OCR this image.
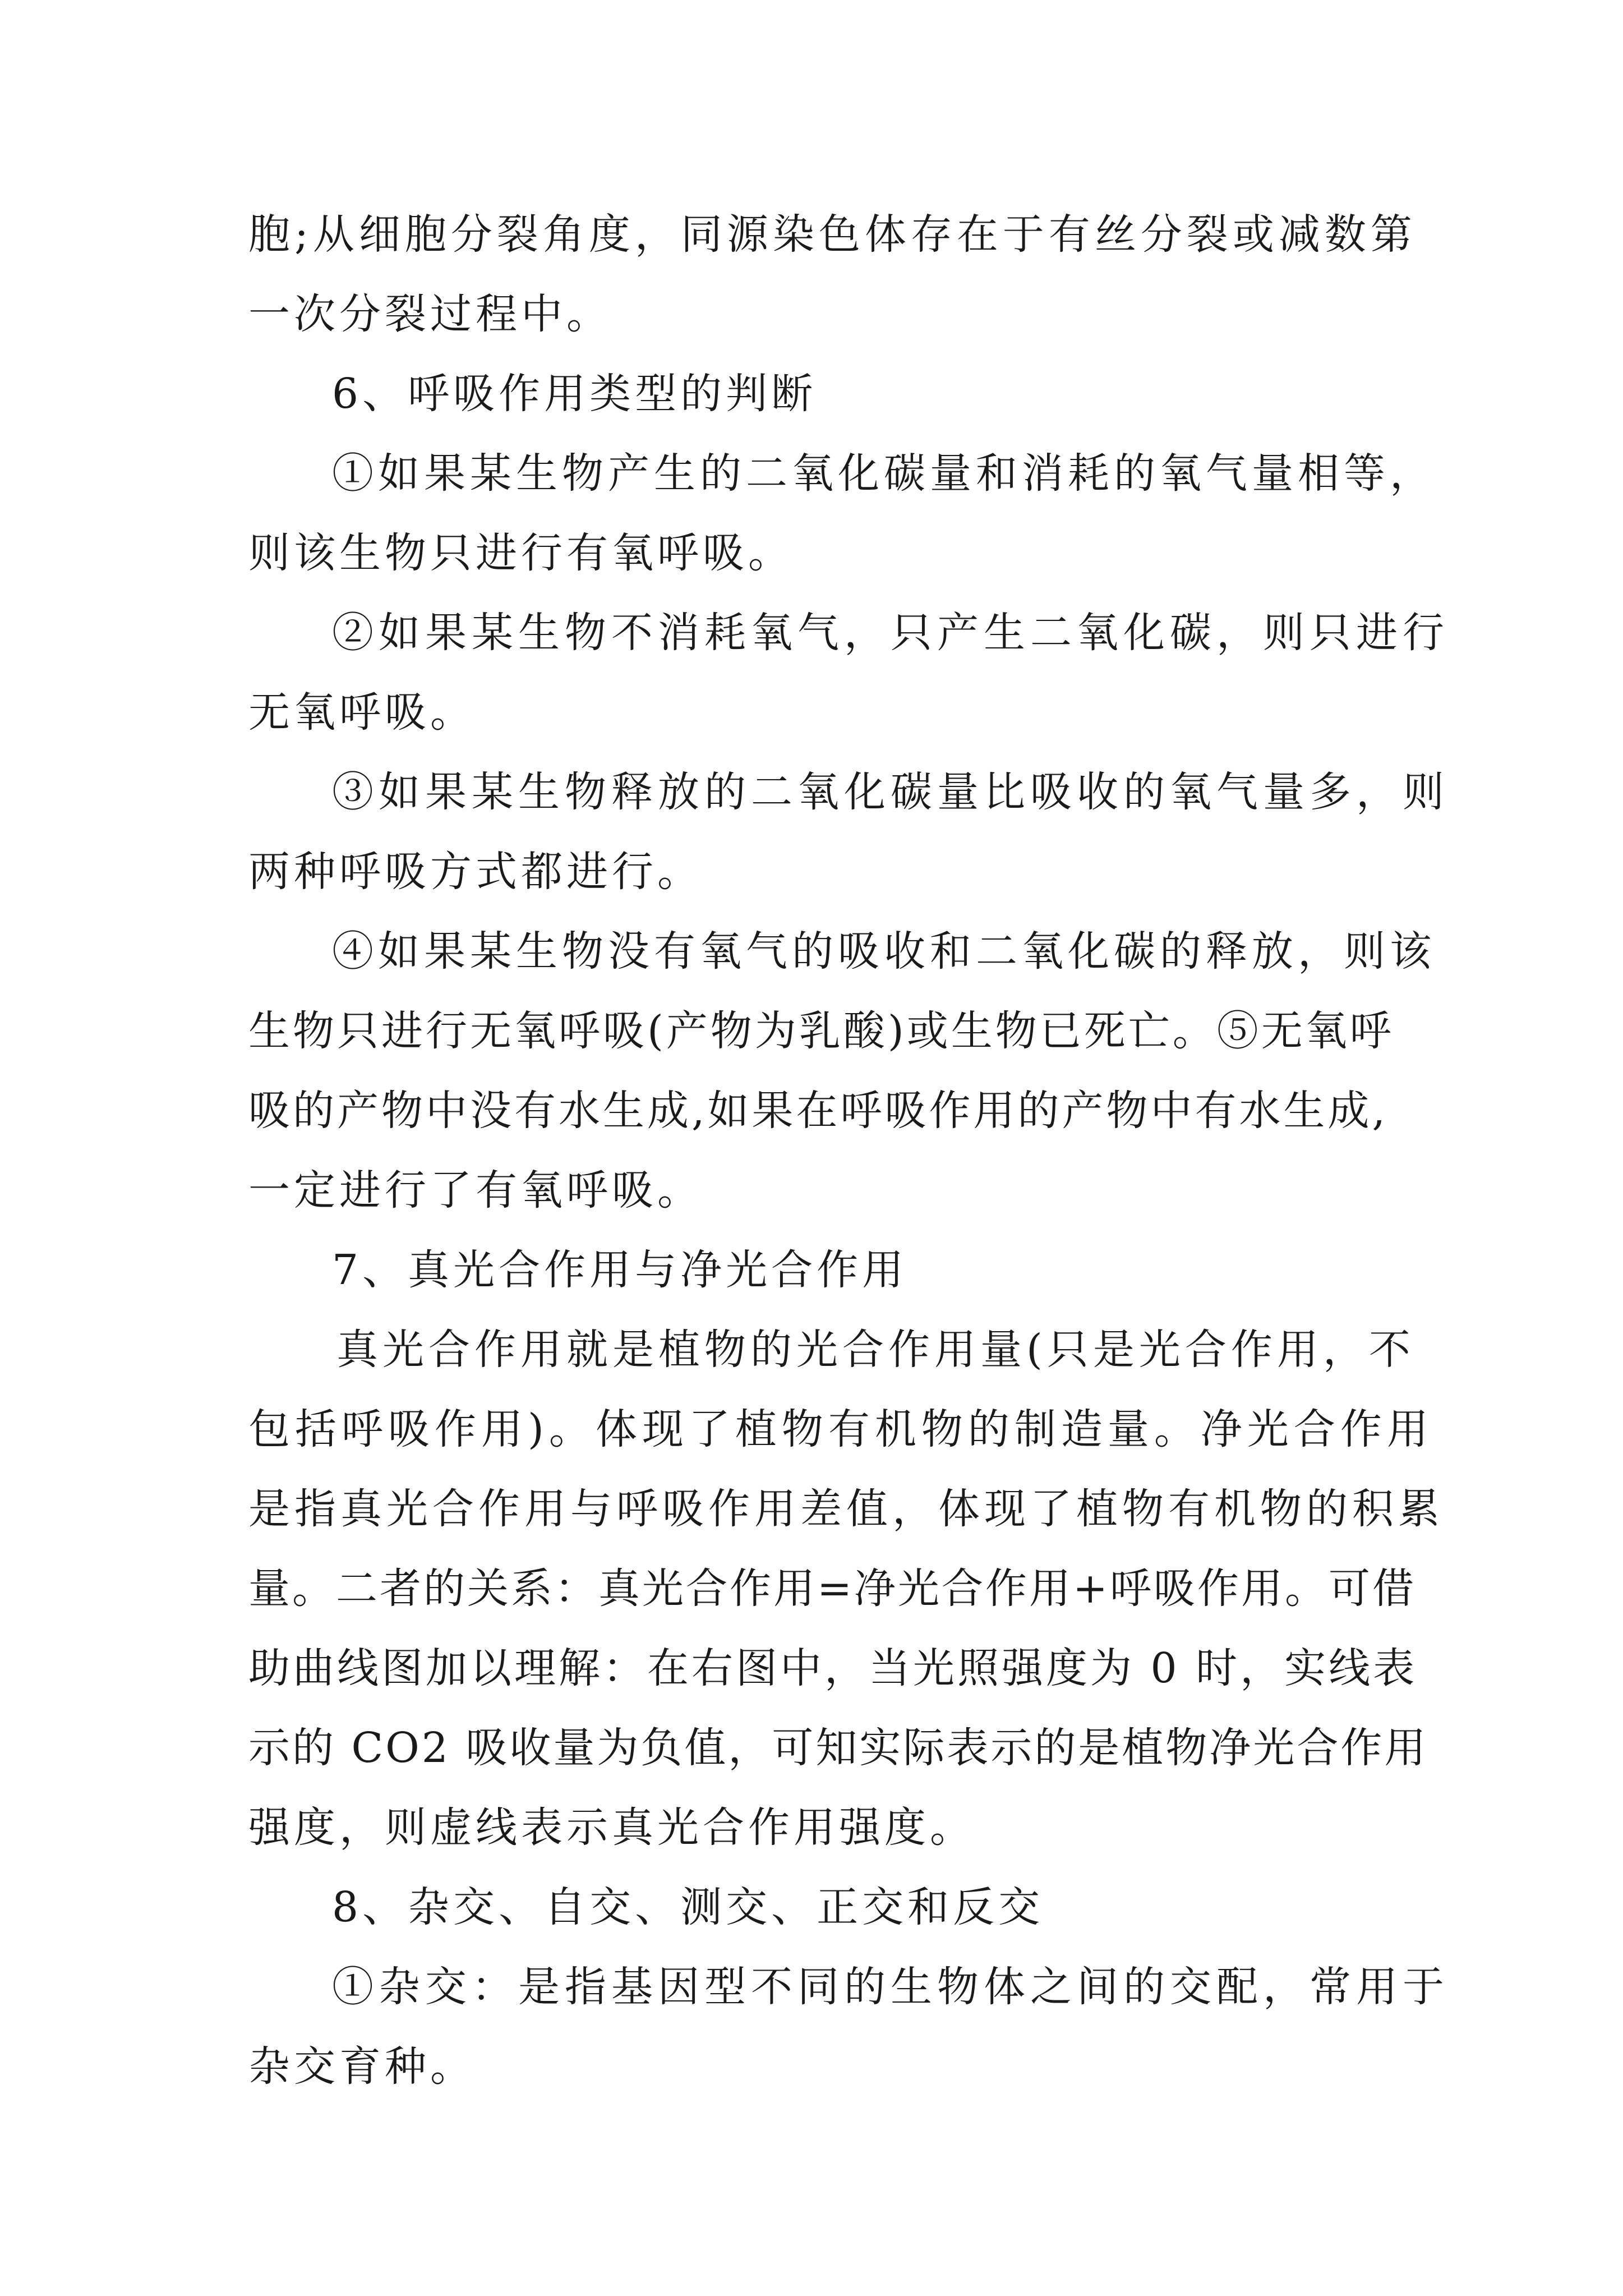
胞;从细胞分裂角度，同源染色体存在于有丝分裂或减数第

一次分裂过程中。

6、呼吸作用类型的判断

①如果某生物产生的二氧化碳量和消耗的氧气量相等，

则该生物只进行有氧呼吸。

②如果某生物不消耗氧气，只产生二氧化碳，则只进行

无氧呼吸。

③如果某生物释放的二氧化碳量比吸收的氧气量多，则

两种呼吸方式都进行。

④如果某生物没有氧气的吸收和二氧化碳的释放，则该

生物只进行无氧呼吸(产物为乳酸)或生物已死亡。⑤无氧呼

吸的产物中没有水生成,如果在呼吸作用的产物中有水生成,

一定进行了有氧呼吸。

7、真光合作用与净光合作用

真光合作用就是植物的光合作用量(只是光合作用，不

包括呼吸作用)。体现了植物有机物的制造量。净光合作用

是指真光合作用与呼吸作用差值，体现了植物有机物的积累

量。二者的关系：真光合作用=净光合作用+呼吸作用。可借

助曲线图加以理解：在右图中，当光照强度为 0 时，实线表

示的 CO2 吸收量为负值，可知实际表示的是植物净光合作用

强度，则虚线表示真光合作用强度。

8、杂交、自交、测交、正交和反交

①杂交：是指基因型不同的生物体之间的交配，常用于

杂交育种。
